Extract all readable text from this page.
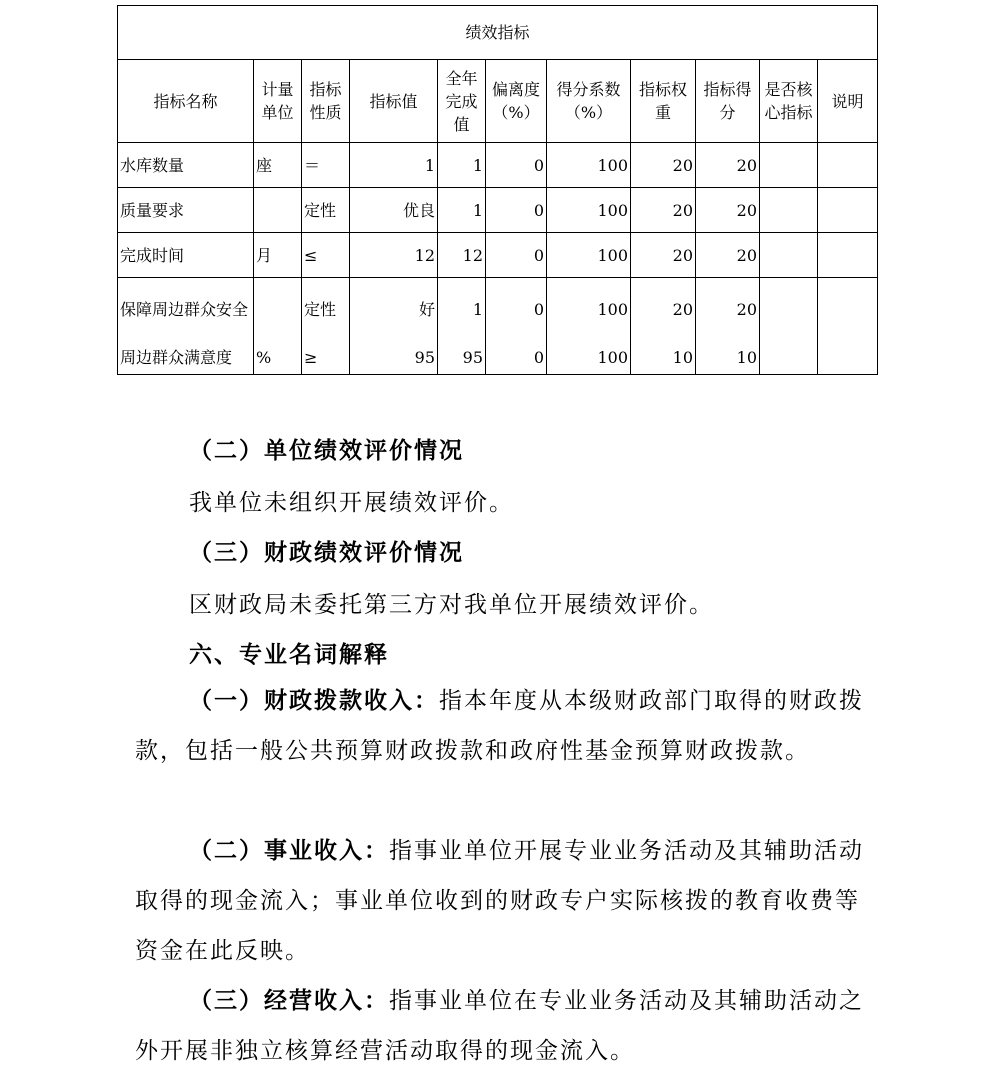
绩效指标										
指标名称	计量单位	指标性质	指标值	全年完成值	偏离度（%）	得分系数（%）	指标权重	指标得分	是否核心指标	说明
水库数量	座	＝	1	1	0	100	20	20		
质量要求		定性	优良	1	0	100	20	20		
完成时间	月	≤	12	12	0	100	20	20		
保障周边群众安全		定性	好	1	0	100	20	20		
周边群众满意度	%	≥	95	95	0	100	10	10		

（二）单位绩效评价情况

我单位未组织开展绩效评价。

（三）财政绩效评价情况

区财政局未委托第三方对我单位开展绩效评价。

六、专业名词解释

（一）财政拨款收入：指本年度从本级财政部门取得的财政拨款，包括一般公共预算财政拨款和政府性基金预算财政拨款。
（二）事业收入：指事业单位开展专业业务活动及其辅助活动取得的现金流入；事业单位收到的财政专户实际核拨的教育收费等资金在此反映。
（三）经营收入：指事业单位在专业业务活动及其辅助活动之外开展非独立核算经营活动取得的现金流入。
